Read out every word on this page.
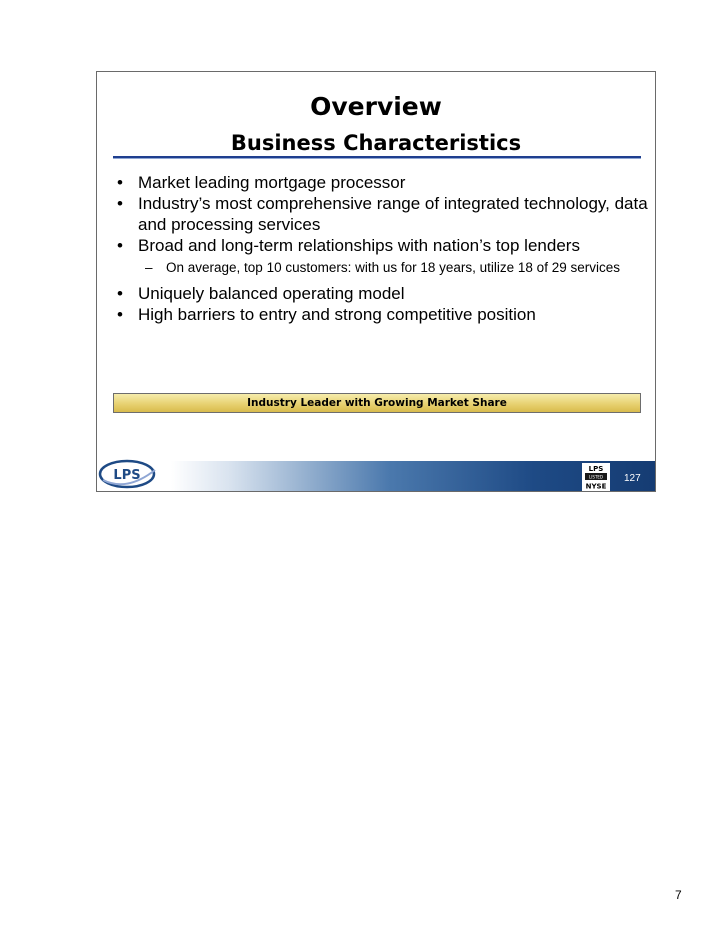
Overview
Business Characteristics
• Market leading mortgage processor
• Industry’s most comprehensive range of integrated technology, data and processing services
• Broad and long-term relationships with nation’s top lenders
– On average, top 10 customers: with us for 18 years, utilize 18 of 29 services
• Uniquely balanced operating model
• High barriers to entry and strong competitive position
Industry Leader with Growing Market Share
LPS	LPS
LISTED
NYSE
127
7
